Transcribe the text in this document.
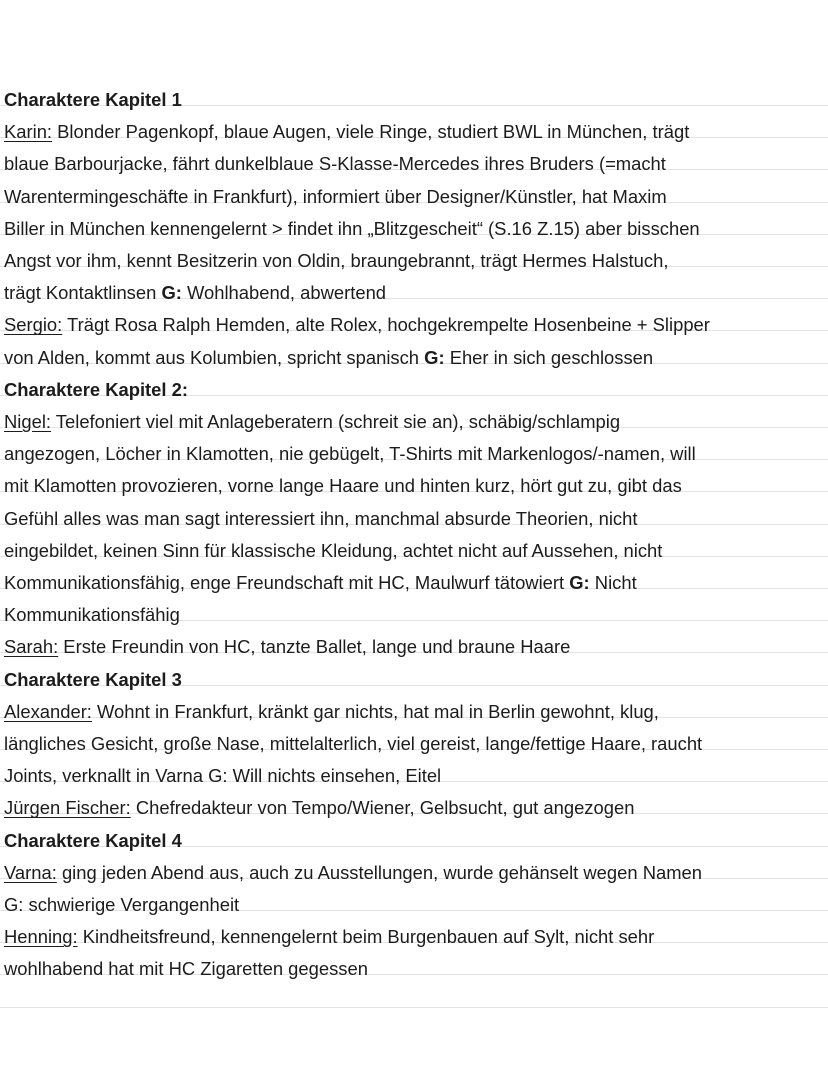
Charaktere Kapitel 1
Karin: Blonder Pagenkopf, blaue Augen, viele Ringe, studiert BWL in München, trägt
blaue Barbourjacke, fährt dunkelblaue S-Klasse-Mercedes ihres Bruders (=macht
Warentermingeschäfte in Frankfurt), informiert über Designer/Künstler, hat Maxim
Biller in München kennengelernt > findet ihn „Blitzgescheit“ (S.16 Z.15) aber bisschen
Angst vor ihm, kennt Besitzerin von Oldin, braungebrannt, trägt Hermes Halstuch,
trägt Kontaktlinsen G: Wohlhabend, abwertend
Sergio: Trägt Rosa Ralph Hemden, alte Rolex, hochgekrempelte Hosenbeine + Slipper
von Alden, kommt aus Kolumbien, spricht spanisch G: Eher in sich geschlossen
Charaktere Kapitel 2:
Nigel: Telefoniert viel mit Anlageberatern (schreit sie an), schäbig/schlampig
angezogen, Löcher in Klamotten, nie gebügelt, T-Shirts mit Markenlogos/-namen, will
mit Klamotten provozieren, vorne lange Haare und hinten kurz, hört gut zu, gibt das
Gefühl alles was man sagt interessiert ihn, manchmal absurde Theorien, nicht
eingebildet, keinen Sinn für klassische Kleidung, achtet nicht auf Aussehen, nicht
Kommunikationsfähig, enge Freundschaft mit HC, Maulwurf tätowiert G: Nicht
Kommunikationsfähig
Sarah: Erste Freundin von HC, tanzte Ballet, lange und braune Haare
Charaktere Kapitel 3
Alexander: Wohnt in Frankfurt, kränkt gar nichts, hat mal in Berlin gewohnt, klug,
längliches Gesicht, große Nase, mittelalterlich, viel gereist, lange/fettige Haare, raucht
Joints, verknallt in Varna G: Will nichts einsehen, Eitel
Jürgen Fischer: Chefredakteur von Tempo/Wiener, Gelbsucht, gut angezogen
Charaktere Kapitel 4
Varna: ging jeden Abend aus, auch zu Ausstellungen, wurde gehänselt wegen Namen
G: schwierige Vergangenheit
Henning: Kindheitsfreund, kennengelernt beim Burgenbauen auf Sylt, nicht sehr
wohlhabend hat mit HC Zigaretten gegessen
